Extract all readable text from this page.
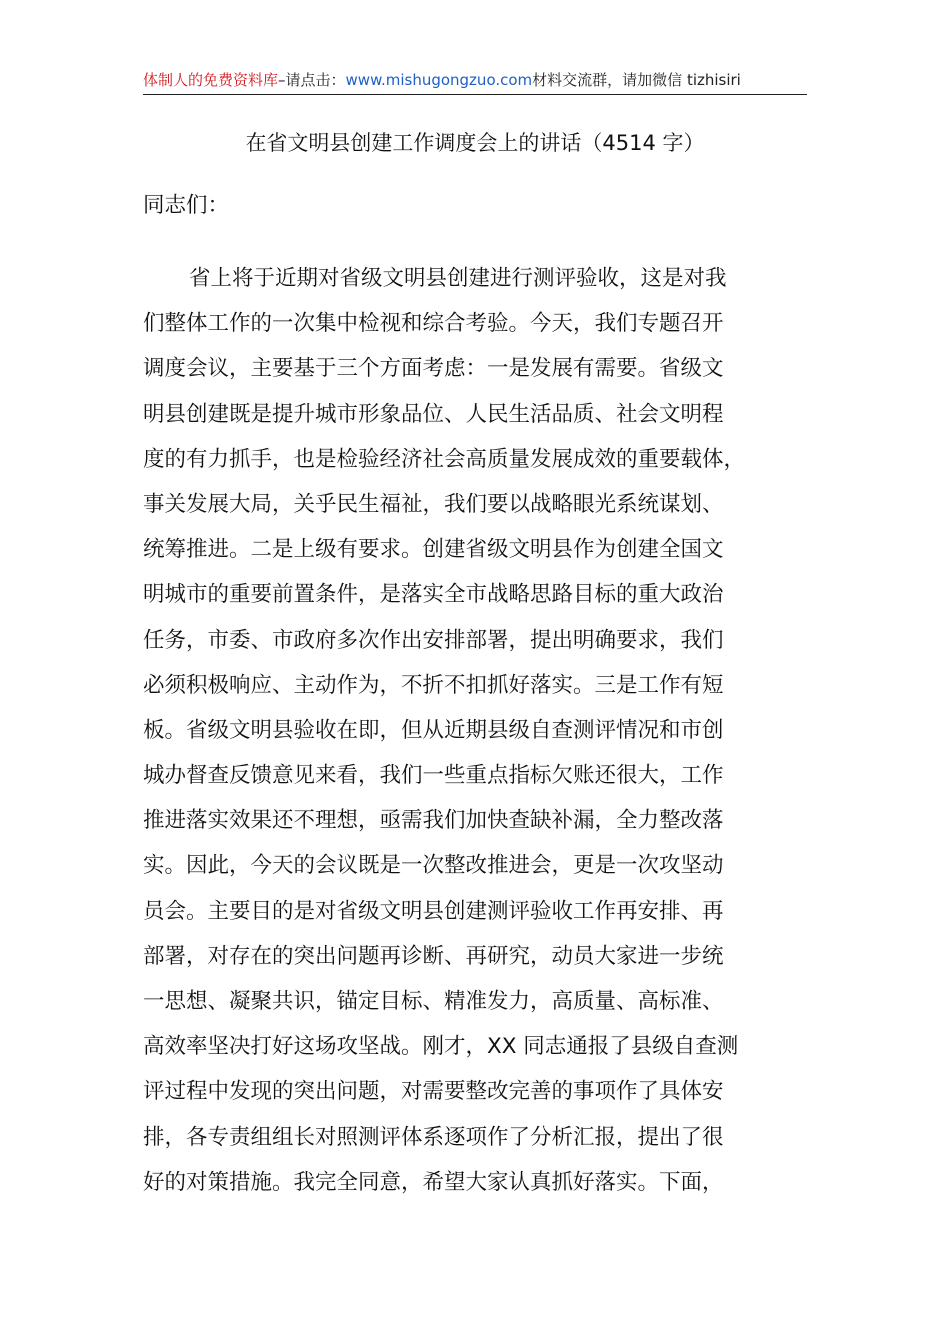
体制人的免费资料库–请点击：www.mishugongzuo.com材料交流群，请加微信 tizhisiri
在省文明县创建工作调度会上的讲话（4514 字）
同志们：
省上将于近期对省级文明县创建进行测评验收，这是对我
们整体工作的一次集中检视和综合考验。今天，我们专题召开
调度会议，主要基于三个方面考虑：一是发展有需要。省级文
明县创建既是提升城市形象品位、人民生活品质、社会文明程
度的有力抓手，也是检验经济社会高质量发展成效的重要载体，
事关发展大局，关乎民生福祉，我们要以战略眼光系统谋划、
统筹推进。二是上级有要求。创建省级文明县作为创建全国文
明城市的重要前置条件，是落实全市战略思路目标的重大政治
任务，市委、市政府多次作出安排部署，提出明确要求，我们
必须积极响应、主动作为，不折不扣抓好落实。三是工作有短
板。省级文明县验收在即，但从近期县级自查测评情况和市创
城办督查反馈意见来看，我们一些重点指标欠账还很大，工作
推进落实效果还不理想，亟需我们加快查缺补漏，全力整改落
实。因此，今天的会议既是一次整改推进会，更是一次攻坚动
员会。主要目的是对省级文明县创建测评验收工作再安排、再
部署，对存在的突出问题再诊断、再研究，动员大家进一步统
一思想、凝聚共识，锚定目标、精准发力，高质量、高标准、
高效率坚决打好这场攻坚战。刚才，XX 同志通报了县级自查测
评过程中发现的突出问题，对需要整改完善的事项作了具体安
排，各专责组组长对照测评体系逐项作了分析汇报，提出了很
好的对策措施。我完全同意，希望大家认真抓好落实。下面，
